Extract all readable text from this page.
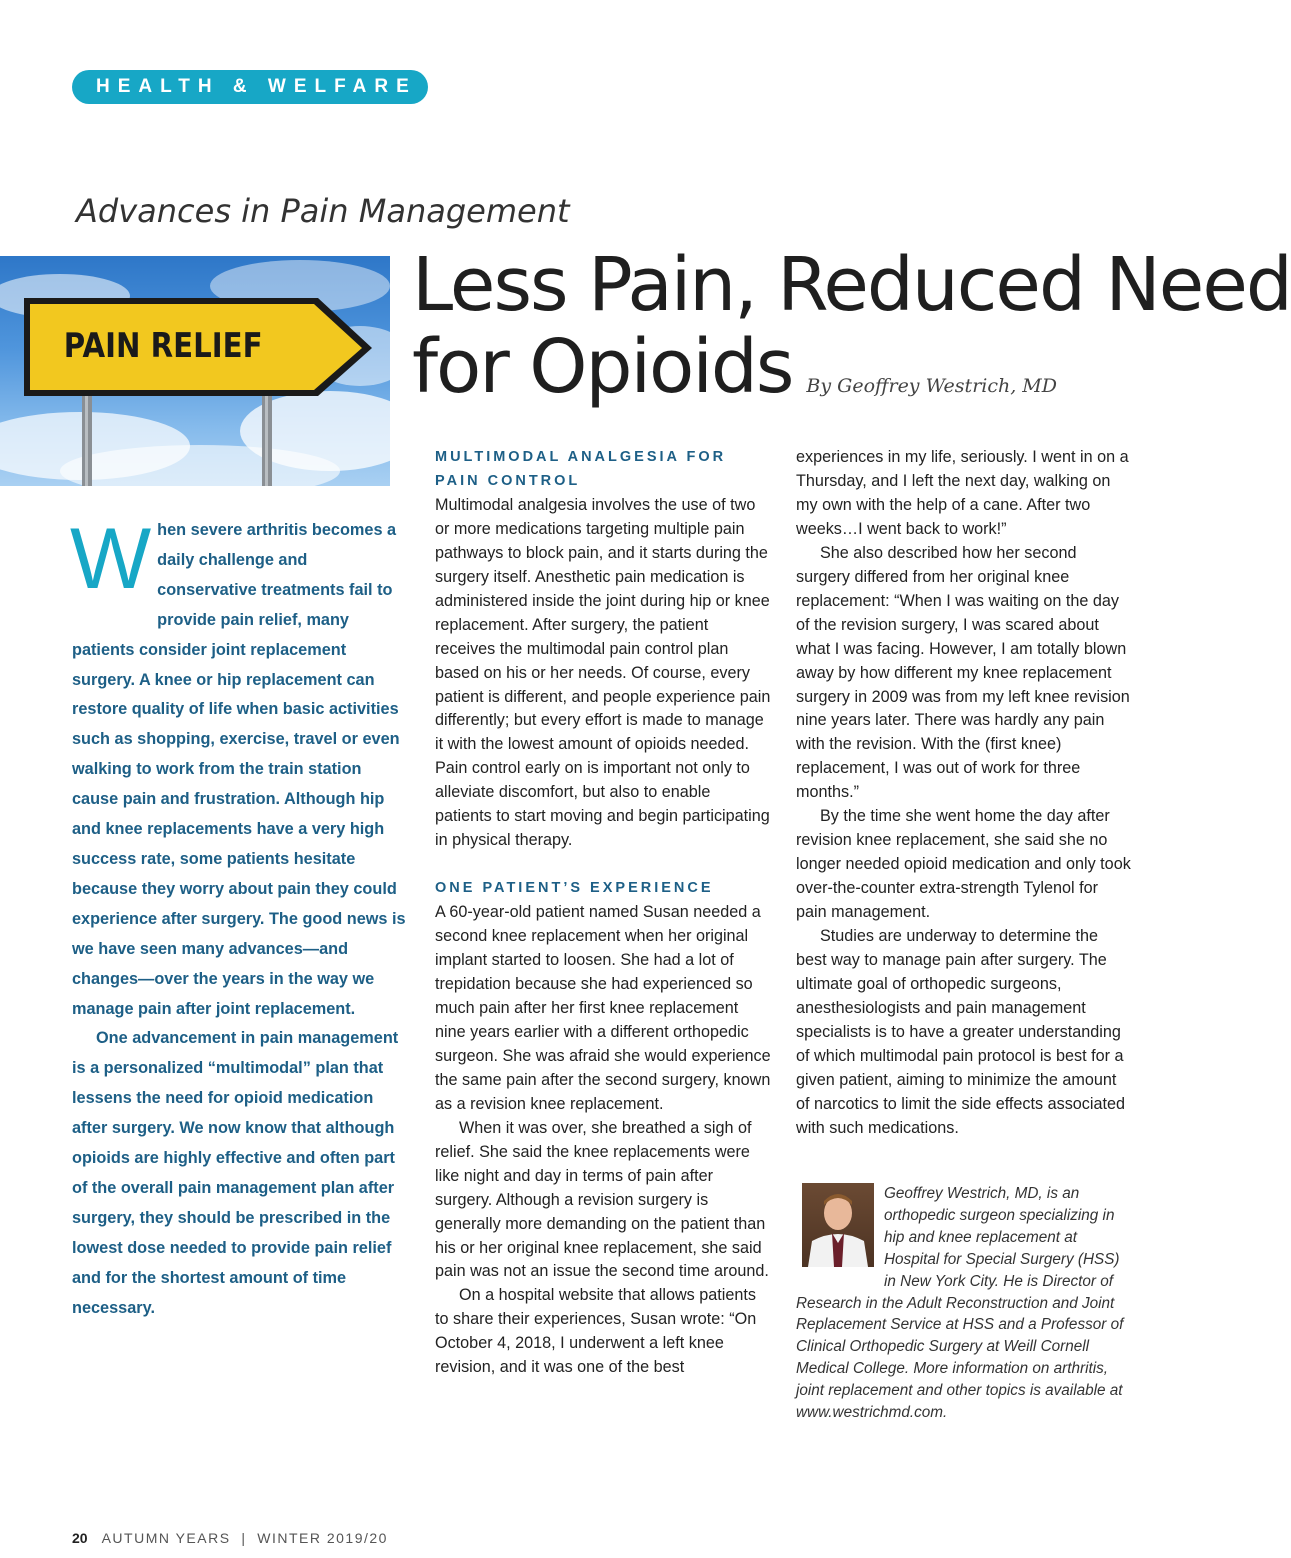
HEALTH & WELFARE
Advances in Pain Management
PAIN RELIEF
Less Pain, Reduced Need
for Opioids By Geoffrey Westrich, MD
W hen severe arthritis becomes a daily challenge and conservative treatments fail to provide pain relief, many patients consider joint replacement surgery. A knee or hip replacement can restore quality of life when basic activities such as shopping, exercise, travel or even walking to work from the train station cause pain and frustration. Although hip and knee replacements have a very high success rate, some patients hesitate because they worry about pain they could experience after surgery. The good news is we have seen many advances—and changes—over the years in the way we manage pain after joint replacement.

One advancement in pain management is a personalized “multimodal” plan that lessens the need for opioid medication after surgery. We now know that although opioids are highly effective and often part of the overall pain management plan after surgery, they should be prescribed in the lowest dose needed to provide pain relief and for the shortest amount of time necessary.

MULTIMODAL ANALGESIA FOR PAIN CONTROL

Multimodal analgesia involves the use of two or more medications targeting multiple pain pathways to block pain, and it starts during the surgery itself. Anesthetic pain medication is administered inside the joint during hip or knee replacement. After surgery, the patient receives the multimodal pain control plan based on his or her needs. Of course, every patient is different, and people experience pain differently; but every effort is made to manage it with the lowest amount of opioids needed. Pain control early on is important not only to alleviate discomfort, but also to enable patients to start moving and begin participating in physical therapy.

ONE PATIENT’S EXPERIENCE

A 60-year-old patient named Susan needed a second knee replacement when her original implant started to loosen. She had a lot of trepidation because she had experienced so much pain after her first knee replacement nine years earlier with a different orthopedic surgeon. She was afraid she would experience the same pain after the second surgery, known as a revision knee replacement.

When it was over, she breathed a sigh of relief. She said the knee replacements were like night and day in terms of pain after surgery. Although a revision surgery is generally more demanding on the patient than his or her original knee replacement, she said pain was not an issue the second time around.

On a hospital website that allows patients to share their experiences, Susan wrote: “On October 4, 2018, I underwent a left knee revision, and it was one of the best

experiences in my life, seriously. I went in on a Thursday, and I left the next day, walking on my own with the help of a cane. After two weeks…I went back to work!”

She also described how her second surgery differed from her original knee replacement: “When I was waiting on the day of the revision surgery, I was scared about what I was facing. However, I am totally blown away by how different my knee replacement surgery in 2009 was from my left knee revision nine years later. There was hardly any pain with the revision. With the (first knee) replacement, I was out of work for three months.”

By the time she went home the day after revision knee replacement, she said she no longer needed opioid medication and only took over-the-counter extra-strength Tylenol for pain management.

Studies are underway to determine the best way to manage pain after surgery. The ultimate goal of orthopedic surgeons, anesthesiologists and pain management specialists is to have a greater understanding of which multimodal pain protocol is best for a given patient, aiming to minimize the amount of narcotics to limit the side effects associated with such medications.

Geoffrey Westrich, MD, is an orthopedic surgeon specializing in hip and knee replacement at Hospital for Special Surgery (HSS) in New York City. He is Director of Research in the Adult Reconstruction and Joint Replacement Service at HSS and a Professor of Clinical Orthopedic Surgery at Weill Cornell Medical College. More information on arthritis, joint replacement and other topics is available at www.westrichmd.com.
20 AUTUMN YEARS  |  WINTER 2019/20
